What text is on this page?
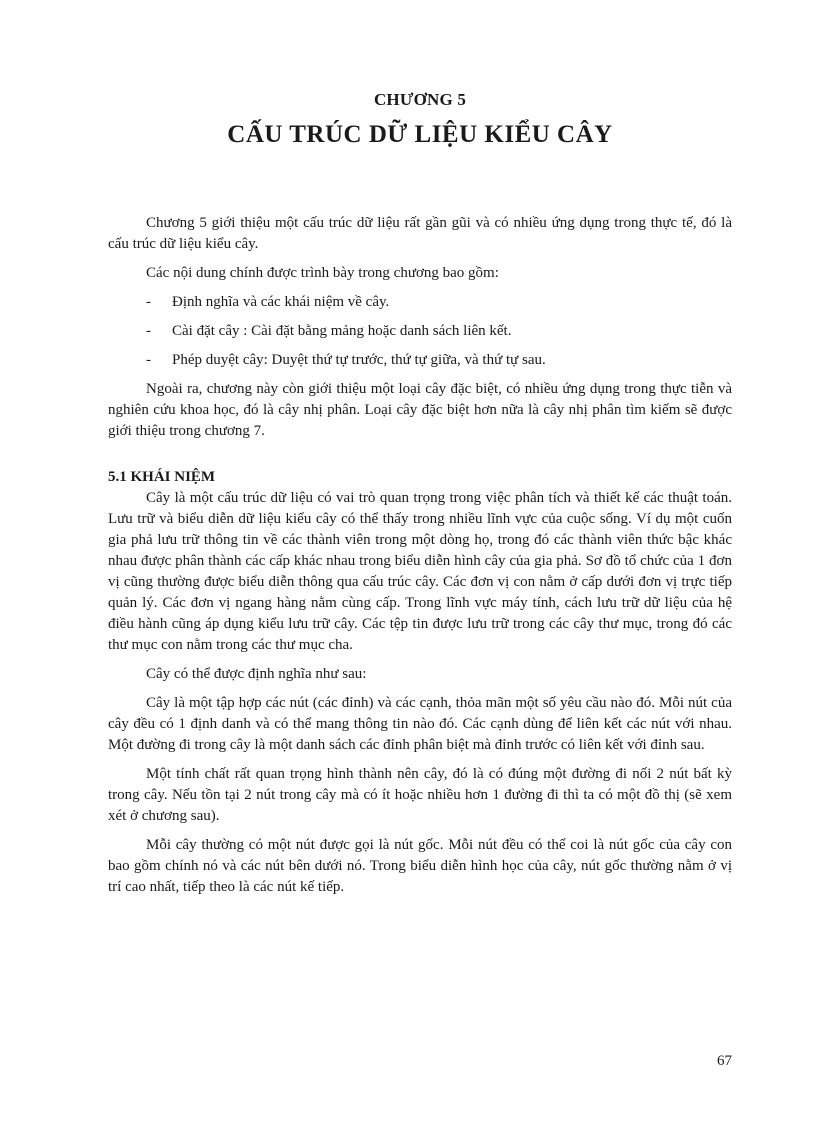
CHƯƠNG 5
CẤU TRÚC DỮ LIỆU KIỂU CÂY

Chương 5 giới thiệu một cấu trúc dữ liệu rất gần gũi và có nhiều ứng dụng trong thực tế, đó là cấu trúc dữ liệu kiểu cây.

Các nội dung chính được trình bày trong chương bao gồm:

-	Định nghĩa và các khái niệm về cây.
-	Cài đặt cây : Cài đặt bằng mảng hoặc danh sách liên kết.
-	Phép duyệt cây: Duyệt thứ tự trước, thứ tự giữa, và thứ tự sau.

Ngoài ra, chương này còn giới thiệu một loại cây đặc biệt, có nhiều ứng dụng trong thực tiễn và nghiên cứu khoa học, đó là cây nhị phân. Loại cây đặc biệt hơn nữa là cây nhị phân tìm kiếm sẽ được giới thiệu trong chương 7.

5.1 KHÁI NIỆM

Cây là một cấu trúc dữ liệu có vai trò quan trọng trong việc phân tích và thiết kế các thuật toán. Lưu trữ và biểu diễn dữ liệu kiểu cây có thể thấy trong nhiều lĩnh vực của cuộc sống. Ví dụ một cuốn gia phả lưu trữ thông tin về các thành viên trong một dòng họ, trong đó các thành viên thức bậc khác nhau được phân thành các cấp khác nhau trong biểu diễn hình cây của gia phả. Sơ đồ tổ chức của 1 đơn vị cũng thường được biểu diễn thông qua cấu trúc cây. Các đơn vị con nằm ở cấp dưới đơn vị trực tiếp quản lý. Các đơn vị ngang hàng nằm cùng cấp. Trong lĩnh vực máy tính, cách lưu trữ dữ liệu của hệ điều hành cũng áp dụng kiểu lưu trữ cây. Các tệp tin được lưu trữ trong các cây thư mục, trong đó các thư mục con nằm trong các thư mục cha.

Cây có thể được định nghĩa như sau:

Cây là một tập hợp các nút (các đỉnh) và các cạnh, thỏa mãn một số yêu cầu nào đó. Mỗi nút của cây đều có 1 định danh và có thể mang thông tin nào đó. Các cạnh dùng để liên kết các nút với nhau. Một đường đi trong cây là một danh sách các đỉnh phân biệt mà đỉnh trước có liên kết với đỉnh sau.

Một tính chất rất quan trọng hình thành nên cây, đó là có đúng một đường đi nối 2 nút bất kỳ trong cây. Nếu tồn tại 2 nút trong cây mà có ít hoặc nhiều hơn 1 đường đi thì ta có một đồ thị (sẽ xem xét ở chương sau).

Mỗi cây thường có một nút được gọi là nút gốc. Mỗi nút đều có thể coi là nút gốc của cây con bao gồm chính nó và các nút bên dưới nó. Trong biểu diễn hình học của cây, nút gốc thường nằm ở vị trí cao nhất, tiếp theo là các nút kế tiếp.

67
